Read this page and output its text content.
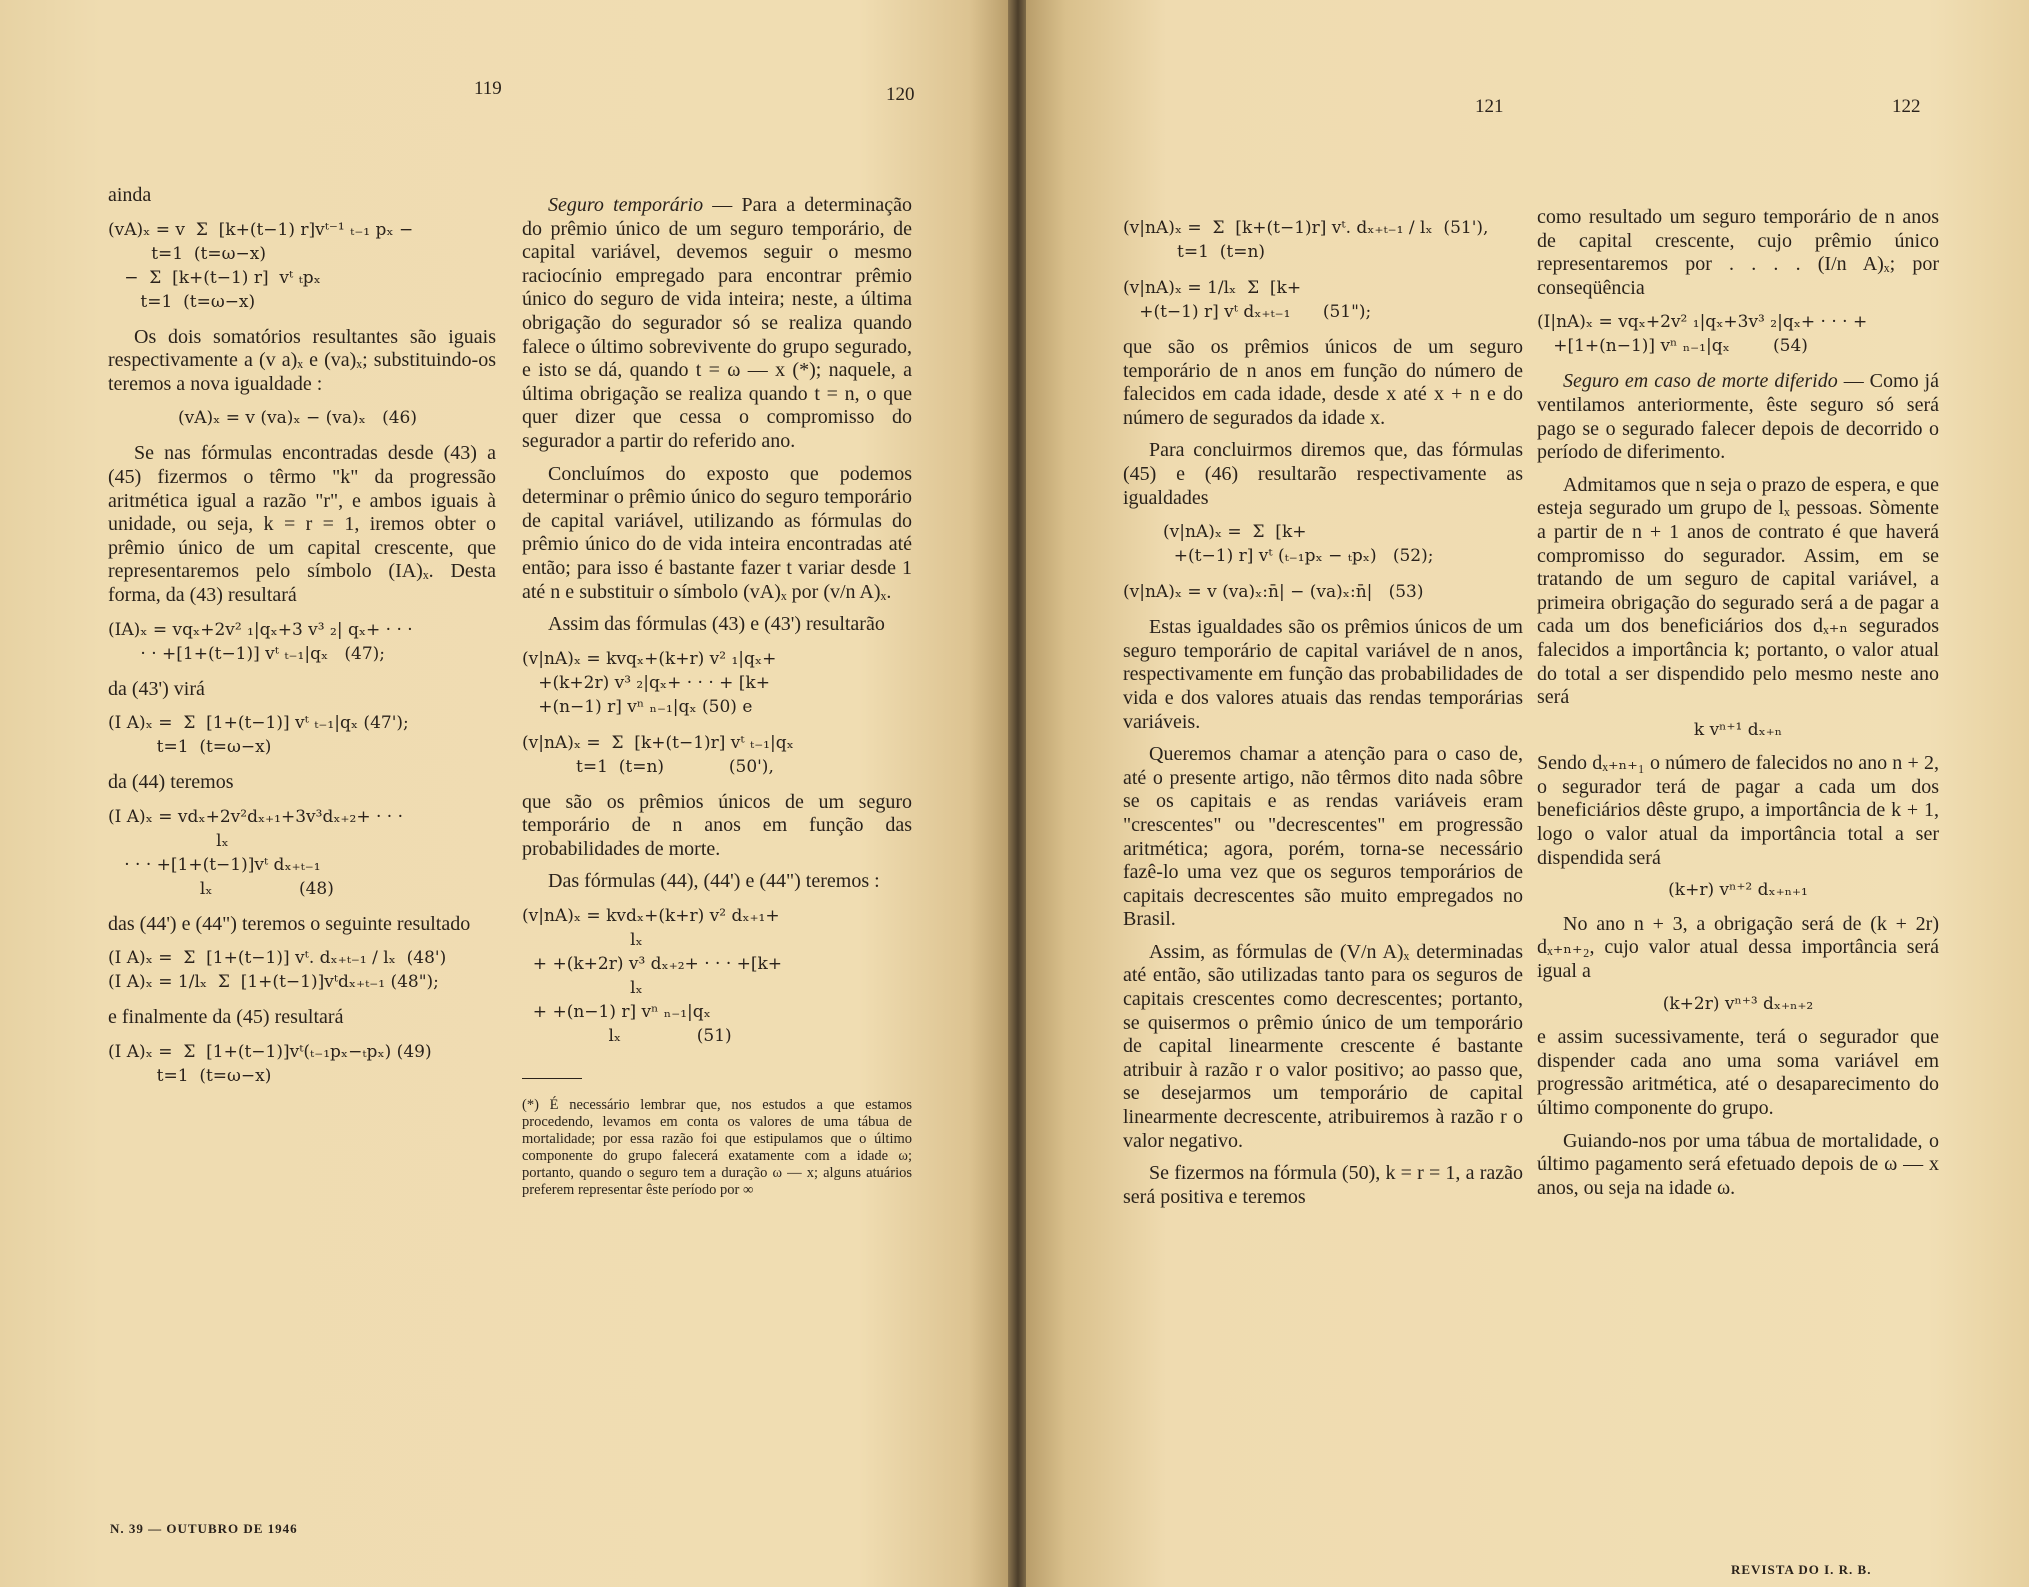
119	120

ainda

(vA)ₓ = v  Σ  [k+(t−1) r]vᵗ⁻¹ ₜ₋₁ pₓ −
t=1  (t=ω−x)
−  Σ  [k+(t−1) r]  vᵗ ₜpₓ
t=1  (t=ω−x)

Os dois somatórios resultantes são iguais respectivamente a (v a)ₓ e (va)ₓ; substituindo-os teremos a nova igualdade :

(vA)ₓ = v (va)ₓ − (va)ₓ   (46)

Se nas fórmulas encontradas desde (43) a (45) fizermos o têrmo "k" da progressão aritmética igual a razão "r", e ambos iguais à unidade, ou seja, k = r = 1, iremos obter o prêmio único de um capital crescente, que representaremos pelo símbolo (IA)ₓ. Desta forma, da (43) resultará

(IA)ₓ = vqₓ+2v² ₁|qₓ+3 v³ ₂| qₓ+ · · ·
· · +[1+(t−1)] vᵗ ₜ₋₁|qₓ   (47);

da (43') virá

(I A)ₓ =  Σ  [1+(t−1)] vᵗ ₜ₋₁|qₓ (47');
t=1  (t=ω−x)

da (44) teremos

(I A)ₓ = vdₓ+2v²dₓ₊₁+3v³dₓ₊₂+ · · ·
lₓ
· · · +[1+(t−1)]vᵗ dₓ₊ₜ₋₁
lₓ                (48)

das (44') e (44") teremos o seguinte resultado

(I A)ₓ =  Σ  [1+(t−1)] vᵗ. dₓ₊ₜ₋₁ / lₓ  (48')
(I A)ₓ = 1/lₓ  Σ  [1+(t−1)]vᵗdₓ₊ₜ₋₁ (48");

e finalmente da (45) resultará

(I A)ₓ =  Σ  [1+(t−1)]vᵗ(ₜ₋₁pₓ−ₜpₓ) (49)
t=1  (t=ω−x)

Seguro temporário — Para a determinação do prêmio único de um seguro temporário, de capital variável, devemos seguir o mesmo raciocínio empregado para encontrar prêmio único do seguro de vida inteira; neste, a última obrigação do segurador só se realiza quando falece o último sobrevivente do grupo segurado, e isto se dá, quando t = ω — x (*); naquele, a última obrigação se realiza quando t = n, o que quer dizer que cessa o compromisso do segurador a partir do referido ano.

Concluímos do exposto que podemos determinar o prêmio único do seguro temporário de capital variável, utilizando as fórmulas do prêmio único do de vida inteira encontradas até então; para isso é bastante fazer t variar desde 1 até n e substituir o símbolo (vA)ₓ por (v/n A)ₓ.

Assim das fórmulas (43) e (43') resultarão

(v|nA)ₓ = kvqₓ+(k+r) v² ₁|qₓ+
+(k+2r) v³ ₂|qₓ+ · · · + [k+
+(n−1) r] vⁿ ₙ₋₁|qₓ (50) e
(v|nA)ₓ =  Σ  [k+(t−1)r] vᵗ ₜ₋₁|qₓ
t=1  (t=n)            (50'),

que são os prêmios únicos de um seguro temporário de n anos em função das probabilidades de morte.

Das fórmulas (44), (44') e (44") teremos :

(v|nA)ₓ = kvdₓ+(k+r) v² dₓ₊₁+
lₓ
+ +(k+2r) v³ dₓ₊₂+ · · · +[k+
lₓ
+ +(n−1) r] vⁿ ₙ₋₁|qₓ
lₓ              (51)
(*) É necessário lembrar que, nos estudos a que estamos procedendo, levamos em conta os valores de uma tábua de mortalidade; por essa razão foi que estipulamos que o último componente do grupo falecerá exatamente com a idade ω; portanto, quando o seguro tem a duração ω — x; alguns atuários preferem representar êste período por ∞
N. 39 — OUTUBRO DE 1946
121	122
(v|nA)ₓ =  Σ  [k+(t−1)r] vᵗ. dₓ₊ₜ₋₁ / lₓ  (51'),
t=1  (t=n)
(v|nA)ₓ = 1/lₓ  Σ  [k+
+(t−1) r] vᵗ dₓ₊ₜ₋₁      (51");

que são os prêmios únicos de um seguro temporário de n anos em função do número de falecidos em cada idade, desde x até x + n e do número de segurados da idade x.

Para concluirmos diremos que, das fórmulas (45) e (46) resultarão respectivamente as igualdades

(v|nA)ₓ =  Σ  [k+
+(t−1) r] vᵗ (ₜ₋₁pₓ − ₜpₓ)   (52);
(v|nA)ₓ = v (va)ₓ:n̄| − (va)ₓ:n̄|   (53)

Estas igualdades são os prêmios únicos de um seguro temporário de capital variável de n anos, respectivamente em função das probabilidades de vida e dos valores atuais das rendas temporárias variáveis.

Queremos chamar a atenção para o caso de, até o presente artigo, não têrmos dito nada sôbre se os capitais e as rendas variáveis eram "crescentes" ou "decrescentes" em progressão aritmética; agora, porém, torna-se necessário fazê-lo uma vez que os seguros temporários de capitais decrescentes são muito empregados no Brasil.

Assim, as fórmulas de (V/n A)ₓ determinadas até então, são utilizadas tanto para os seguros de capitais crescentes como decrescentes; portanto, se quisermos o prêmio único de um temporário de capital linearmente crescente é bastante atribuir à razão r o valor positivo; ao passo que, se desejarmos um temporário de capital linearmente decrescente, atribuiremos à razão r o valor negativo.

Se fizermos na fórmula (50), k = r = 1, a razão será positiva e teremos

como resultado um seguro temporário de n anos de capital crescente, cujo prêmio único representaremos por . . . . (I/n A)ₓ; por conseqüência

(I|nA)ₓ = vqₓ+2v² ₁|qₓ+3v³ ₂|qₓ+ · · · +
+[1+(n−1)] vⁿ ₙ₋₁|qₓ        (54)

Seguro em caso de morte diferido — Como já ventilamos anteriormente, êste seguro só será pago se o segurado falecer depois de decorrido o período de diferimento.

Admitamos que n seja o prazo de espera, e que esteja segurado um grupo de lₓ pessoas. Sòmente a partir de n + 1 anos de contrato é que haverá compromisso do segurador. Assim, em se tratando de um seguro de capital variável, a primeira obrigação do segurado será a de pagar a cada um dos beneficiários dos dₓ₊ₙ segurados falecidos a importância k; portanto, o valor atual do total a ser dispendido pelo mesmo neste ano será

k vⁿ⁺¹ dₓ₊ₙ

Sendo dₓ₊ₙ₊₁ o número de falecidos no ano n + 2, o segurador terá de pagar a cada um dos beneficiários dêste grupo, a importância de k + 1, logo o valor atual da importância total a ser dispendida será

(k+r) vⁿ⁺² dₓ₊ₙ₊₁

No ano n + 3, a obrigação será de (k + 2r) dₓ₊ₙ₊₂, cujo valor atual dessa importância será igual a

(k+2r) vⁿ⁺³ dₓ₊ₙ₊₂

e assim sucessivamente, terá o segurador que dispender cada ano uma soma variável em progressão aritmética, até o desaparecimento do último componente do grupo.

Guiando-nos por uma tábua de mortalidade, o último pagamento será efetuado depois de ω — x anos, ou seja na idade ω.

REVISTA DO I. R. B.
